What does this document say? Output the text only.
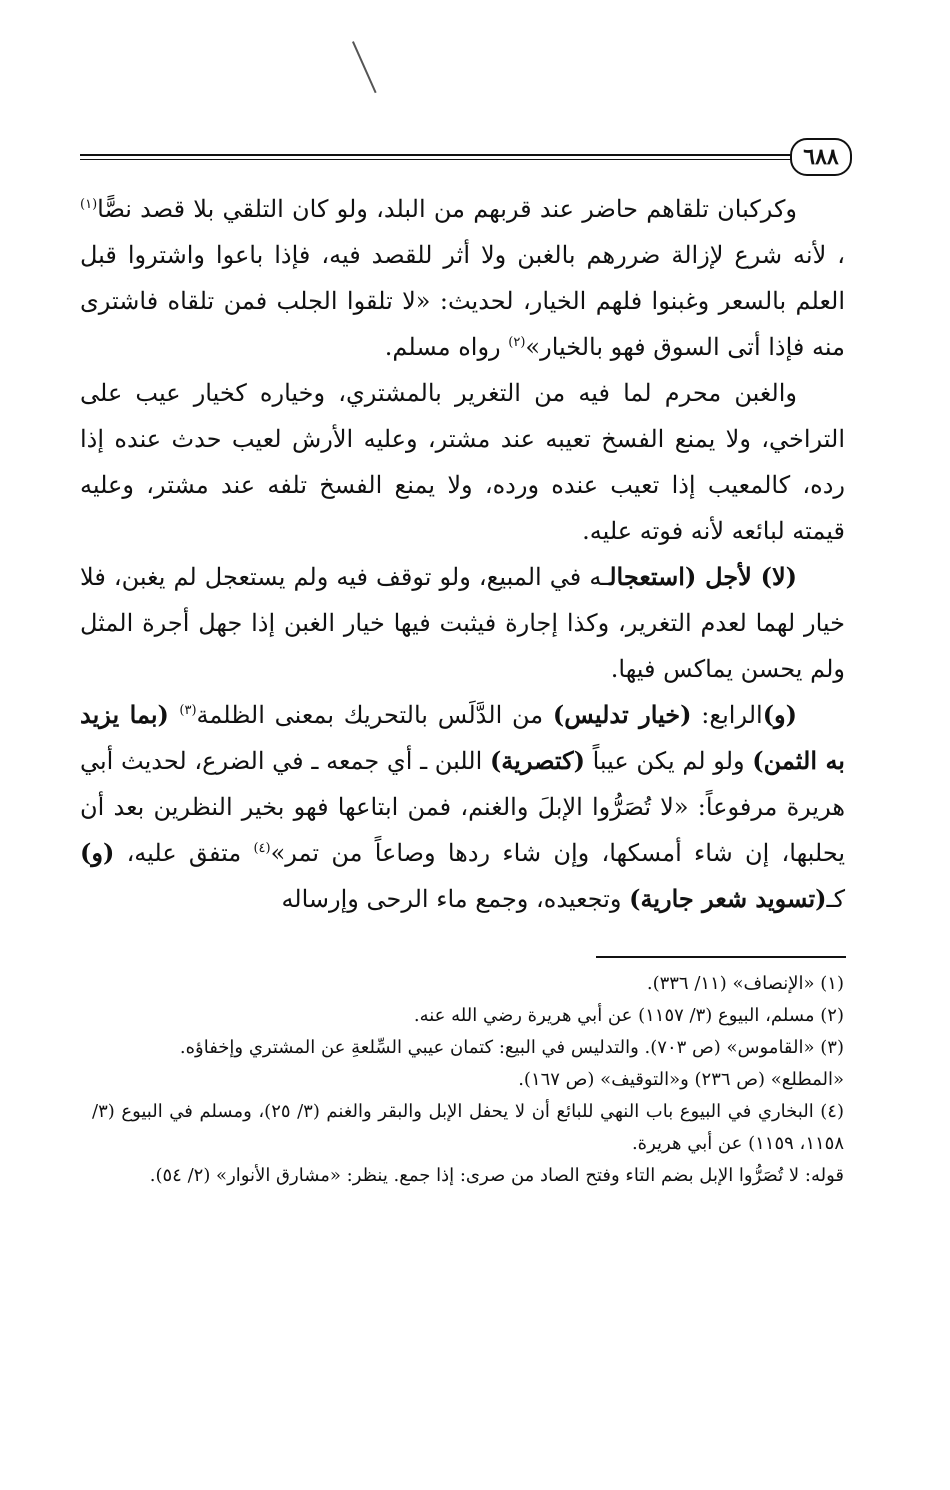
٦٨٨

وكركبان تلقاهم حاضر عند قربهم من البلد، ولو كان التلقي بلا قصد نصًّا$^{(١)}$ ، لأنه شرع لإزالة ضررهم بالغبن ولا أثر للقصد فيه، فإذا باعوا واشتروا قبل العلم بالسعر وغبنوا فلهم الخيار، لحديث: «لا تلقوا الجلب فمن تلقاه فاشترى منه فإذا أتى السوق فهو بالخيار»$^{(٢)}$ رواه مسلم.

والغبن محرم لما فيه من التغرير بالمشتري، وخياره كخيار عيب على التراخي، ولا يمنع الفسخ تعيبه عند مشتر، وعليه الأرش لعيب حدث عنده إذا رده، كالمعيب إذا تعيب عنده ورده، ولا يمنع الفسخ تلفه عند مشتر، وعليه قيمته لبائعه لأنه فوته عليه.

(لا) لأجل (استعجالـه في المبيع، ولو توقف فيه ولم يستعجل لم يغبن، فلا خيار لهما لعدم التغرير، وكذا إجارة فيثبت فيها خيار الغبن إذا جهل أجرة المثل ولم يحسن يماكس فيها.

(و)الرابع: (خيار تدليس) من الدَّلَس بالتحريك بمعنى الظلمة$^{(٣)}$ (بما يزيد به الثمن) ولو لم يكن عيباً (كتصرية) اللبن ـ أي جمعه ـ في الضرع، لحديث أبي هريرة مرفوعاً: «لا تُصَرُّوا الإبلَ والغنم، فمن ابتاعها فهو بخير النظرين بعد أن يحلبها، إن شاء أمسكها، وإن شاء ردها وصاعاً من تمر»$^{(٤)}$ متفق عليه، (و) كـ(تسويد شعر جارية) وتجعيده، وجمع ماء الرحى وإرساله

(١) «الإنصاف» (١١/ ٣٣٦).

(٢) مسلم، البيوع (٣/ ١١٥٧) عن أبي هريرة رضي الله عنه.

(٣) «القاموس» (ص ٧٠٣). والتدليس في البيع: كتمان عيبي السِّلعةِ عن المشتري وإخفاؤه.

«المطلع» (ص ٢٣٦) و«التوقيف» (ص ١٦٧).

(٤) البخاري في البيوع باب النهي للبائع أن لا يحفل الإبل والبقر والغنم (٣/ ٢٥)، ومسلم في البيوع (٣/ ١١٥٨، ١١٥٩) عن أبي هريرة.

قوله: لا تُصَرُّوا الإبل بضم التاء وفتح الصاد من صرى: إذا جمع. ينظر: «مشارق الأنوار» (٢/ ٥٤).
